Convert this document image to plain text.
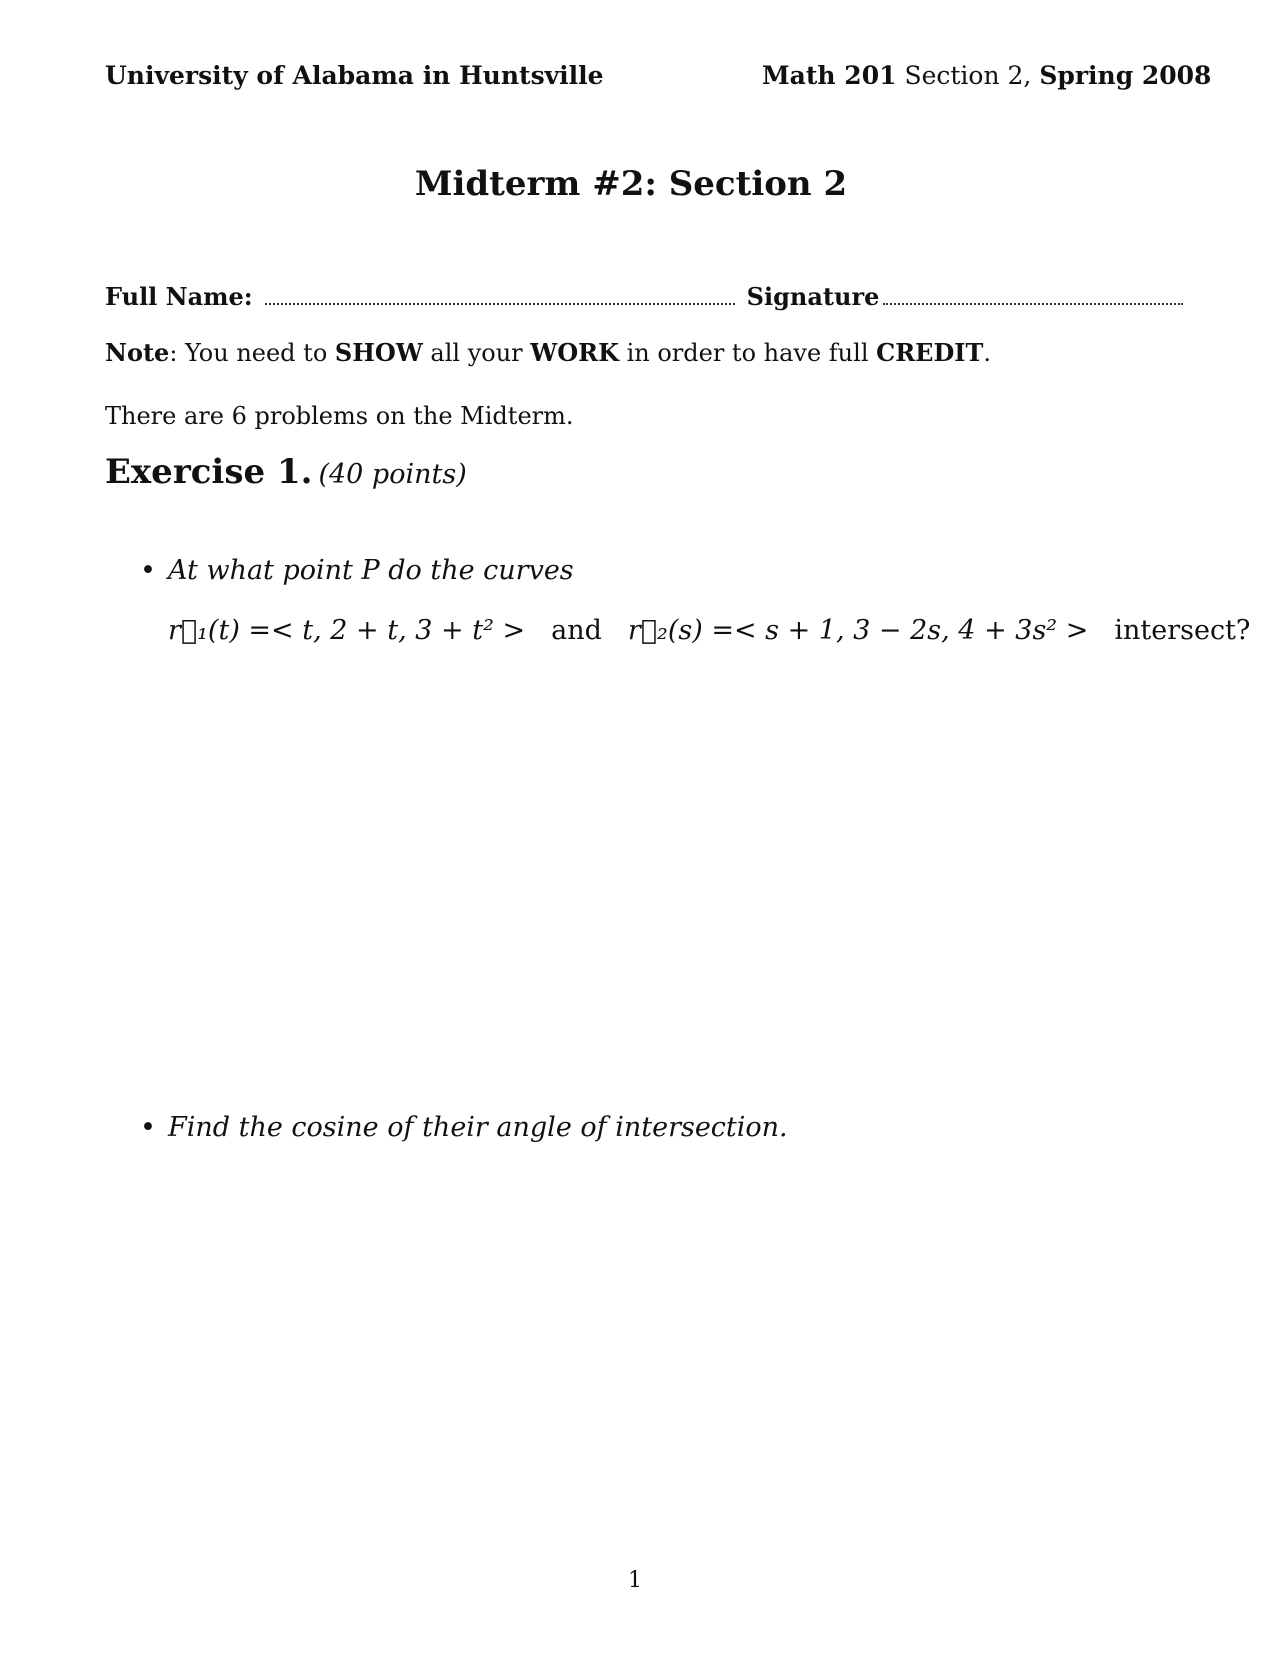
University of Alabama in Huntsville	Math 201 Section 2, Spring 2008
Midterm #2: Section 2
Full Name:	Signature
Note: You need to SHOW all your WORK in order to have full CREDIT.
There are 6 problems on the Midterm.
Exercise 1. (40 points)
• At what point P do the curves
r⃗₁(t) =< t, 2 + t, 3 + t² > and r⃗₂(s) =< s + 1, 3 − 2s, 4 + 3s² > intersect?
• Find the cosine of their angle of intersection.
1
